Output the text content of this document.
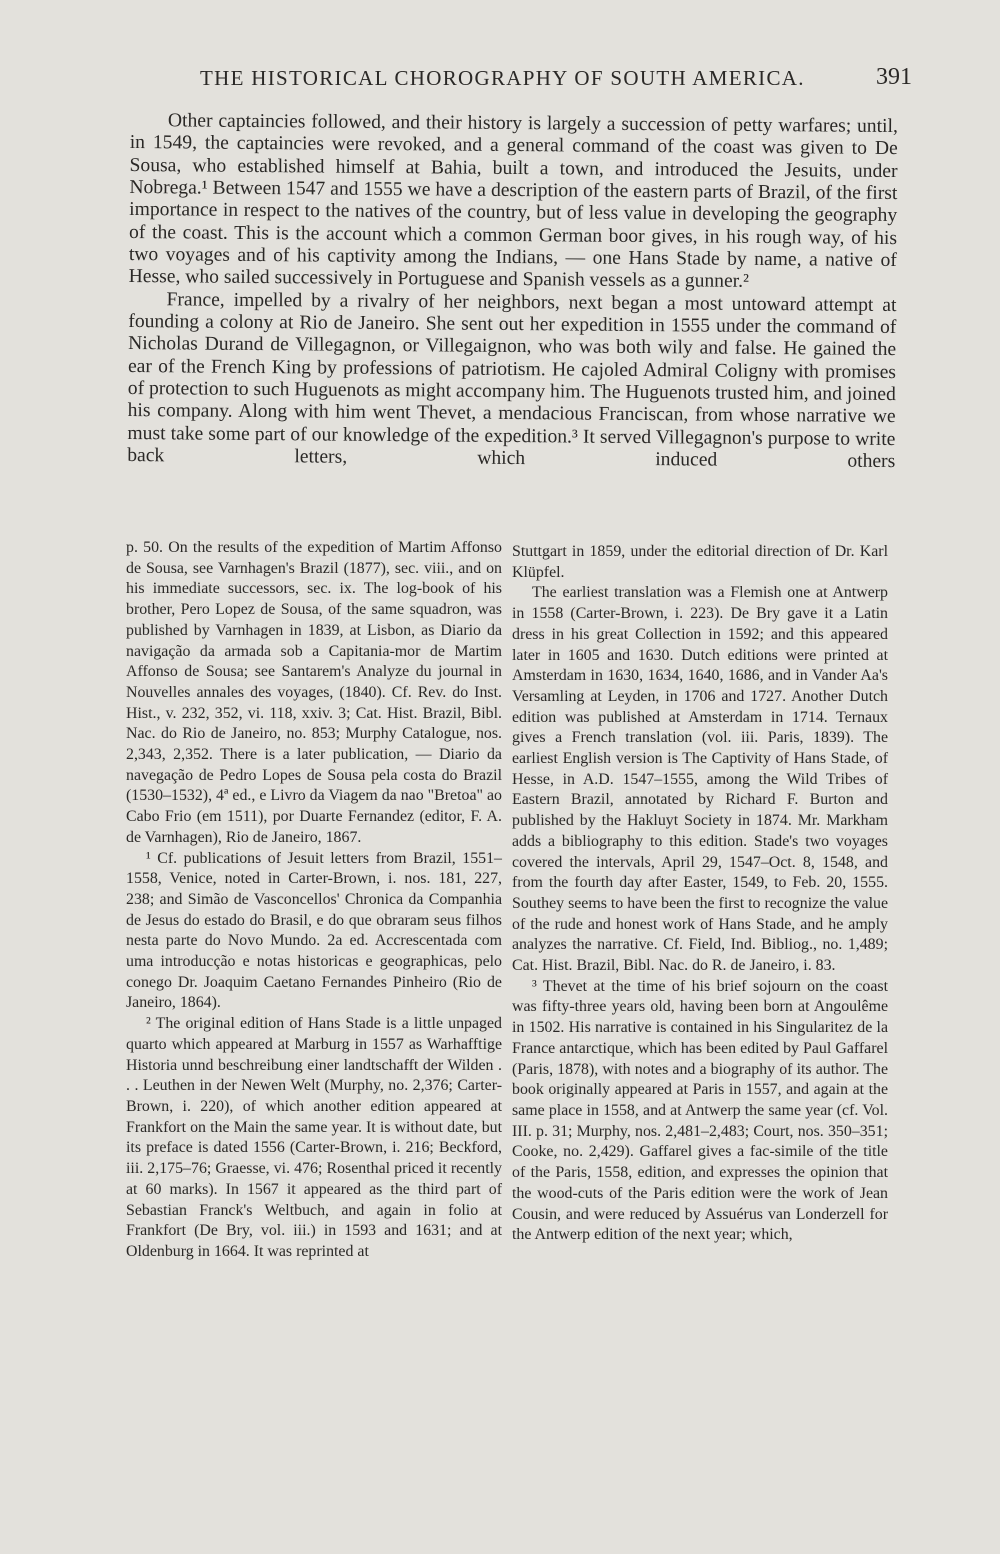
THE HISTORICAL CHOROGRAPHY OF SOUTH AMERICA.	391

Other captaincies followed, and their history is largely a succession of petty warfares; until, in 1549, the captaincies were revoked, and a general command of the coast was given to De Sousa, who established himself at Bahia, built a town, and introduced the Jesuits, under Nobrega.¹ Between 1547 and 1555 we have a description of the eastern parts of Brazil, of the first importance in respect to the natives of the country, but of less value in developing the geography of the coast. This is the account which a common German boor gives, in his rough way, of his two voyages and of his captivity among the Indians, — one Hans Stade by name, a native of Hesse, who sailed successively in Portuguese and Spanish vessels as a gunner.²

France, impelled by a rivalry of her neighbors, next began a most untoward attempt at founding a colony at Rio de Janeiro. She sent out her expedition in 1555 under the command of Nicholas Durand de Villegagnon, or Villegaignon, who was both wily and false. He gained the ear of the French King by professions of patriotism. He cajoled Admiral Coligny with promises of protection to such Huguenots as might accompany him. The Huguenots trusted him, and joined his company. Along with him went Thevet, a mendacious Franciscan, from whose narrative we must take some part of our knowledge of the expedition.³ It served Villegagnon's purpose to write back letters, which induced others

p. 50. On the results of the expedition of Martim Affonso de Sousa, see Varnhagen's Brazil (1877), sec. viii., and on his immediate successors, sec. ix. The log-book of his brother, Pero Lopez de Sousa, of the same squadron, was published by Varnhagen in 1839, at Lisbon, as Diario da navigação da armada sob a Capitania-mor de Martim Affonso de Sousa; see Santarem's Analyze du journal in Nouvelles annales des voyages, (1840). Cf. Rev. do Inst. Hist., v. 232, 352, vi. 118, xxiv. 3; Cat. Hist. Brazil, Bibl. Nac. do Rio de Janeiro, no. 853; Murphy Catalogue, nos. 2,343, 2,352. There is a later publication, — Diario da navegação de Pedro Lopes de Sousa pela costa do Brazil (1530–1532), 4ª ed., e Livro da Viagem da nao "Bretoa" ao Cabo Frio (em 1511), por Duarte Fernandez (editor, F. A. de Varnhagen), Rio de Janeiro, 1867.

¹ Cf. publications of Jesuit letters from Brazil, 1551–1558, Venice, noted in Carter-Brown, i. nos. 181, 227, 238; and Simão de Vasconcellos' Chronica da Companhia de Jesus do estado do Brasil, e do que obraram seus filhos nesta parte do Novo Mundo. 2a ed. Accrescentada com uma introducção e notas historicas e geographicas, pelo conego Dr. Joaquim Caetano Fernandes Pinheiro (Rio de Janeiro, 1864).

² The original edition of Hans Stade is a little unpaged quarto which appeared at Marburg in 1557 as Warhafftige Historia unnd beschreibung einer landtschafft der Wilden . . . Leuthen in der Newen Welt (Murphy, no. 2,376; Carter-Brown, i. 220), of which another edition appeared at Frankfort on the Main the same year. It is without date, but its preface is dated 1556 (Carter-Brown, i. 216; Beckford, iii. 2,175–76; Graesse, vi. 476; Rosenthal priced it recently at 60 marks). In 1567 it appeared as the third part of Sebastian Franck's Weltbuch, and again in folio at Frankfort (De Bry, vol. iii.) in 1593 and 1631; and at Oldenburg in 1664. It was reprinted at

Stuttgart in 1859, under the editorial direction of Dr. Karl Klüpfel.

The earliest translation was a Flemish one at Antwerp in 1558 (Carter-Brown, i. 223). De Bry gave it a Latin dress in his great Collection in 1592; and this appeared later in 1605 and 1630. Dutch editions were printed at Amsterdam in 1630, 1634, 1640, 1686, and in Vander Aa's Versamling at Leyden, in 1706 and 1727. Another Dutch edition was published at Amsterdam in 1714. Ternaux gives a French translation (vol. iii. Paris, 1839). The earliest English version is The Captivity of Hans Stade, of Hesse, in A.D. 1547–1555, among the Wild Tribes of Eastern Brazil, annotated by Richard F. Burton and published by the Hakluyt Society in 1874. Mr. Markham adds a bibliography to this edition. Stade's two voyages covered the intervals, April 29, 1547–Oct. 8, 1548, and from the fourth day after Easter, 1549, to Feb. 20, 1555. Southey seems to have been the first to recognize the value of the rude and honest work of Hans Stade, and he amply analyzes the narrative. Cf. Field, Ind. Bibliog., no. 1,489; Cat. Hist. Brazil, Bibl. Nac. do R. de Janeiro, i. 83.

³ Thevet at the time of his brief sojourn on the coast was fifty-three years old, having been born at Angoulême in 1502. His narrative is contained in his Singularitez de la France antarctique, which has been edited by Paul Gaffarel (Paris, 1878), with notes and a biography of its author. The book originally appeared at Paris in 1557, and again at the same place in 1558, and at Antwerp the same year (cf. Vol. III. p. 31; Murphy, nos. 2,481–2,483; Court, nos. 350–351; Cooke, no. 2,429). Gaffarel gives a fac-simile of the title of the Paris, 1558, edition, and expresses the opinion that the wood-cuts of the Paris edition were the work of Jean Cousin, and were reduced by Assuérus van Londerzell for the Antwerp edition of the next year; which,
